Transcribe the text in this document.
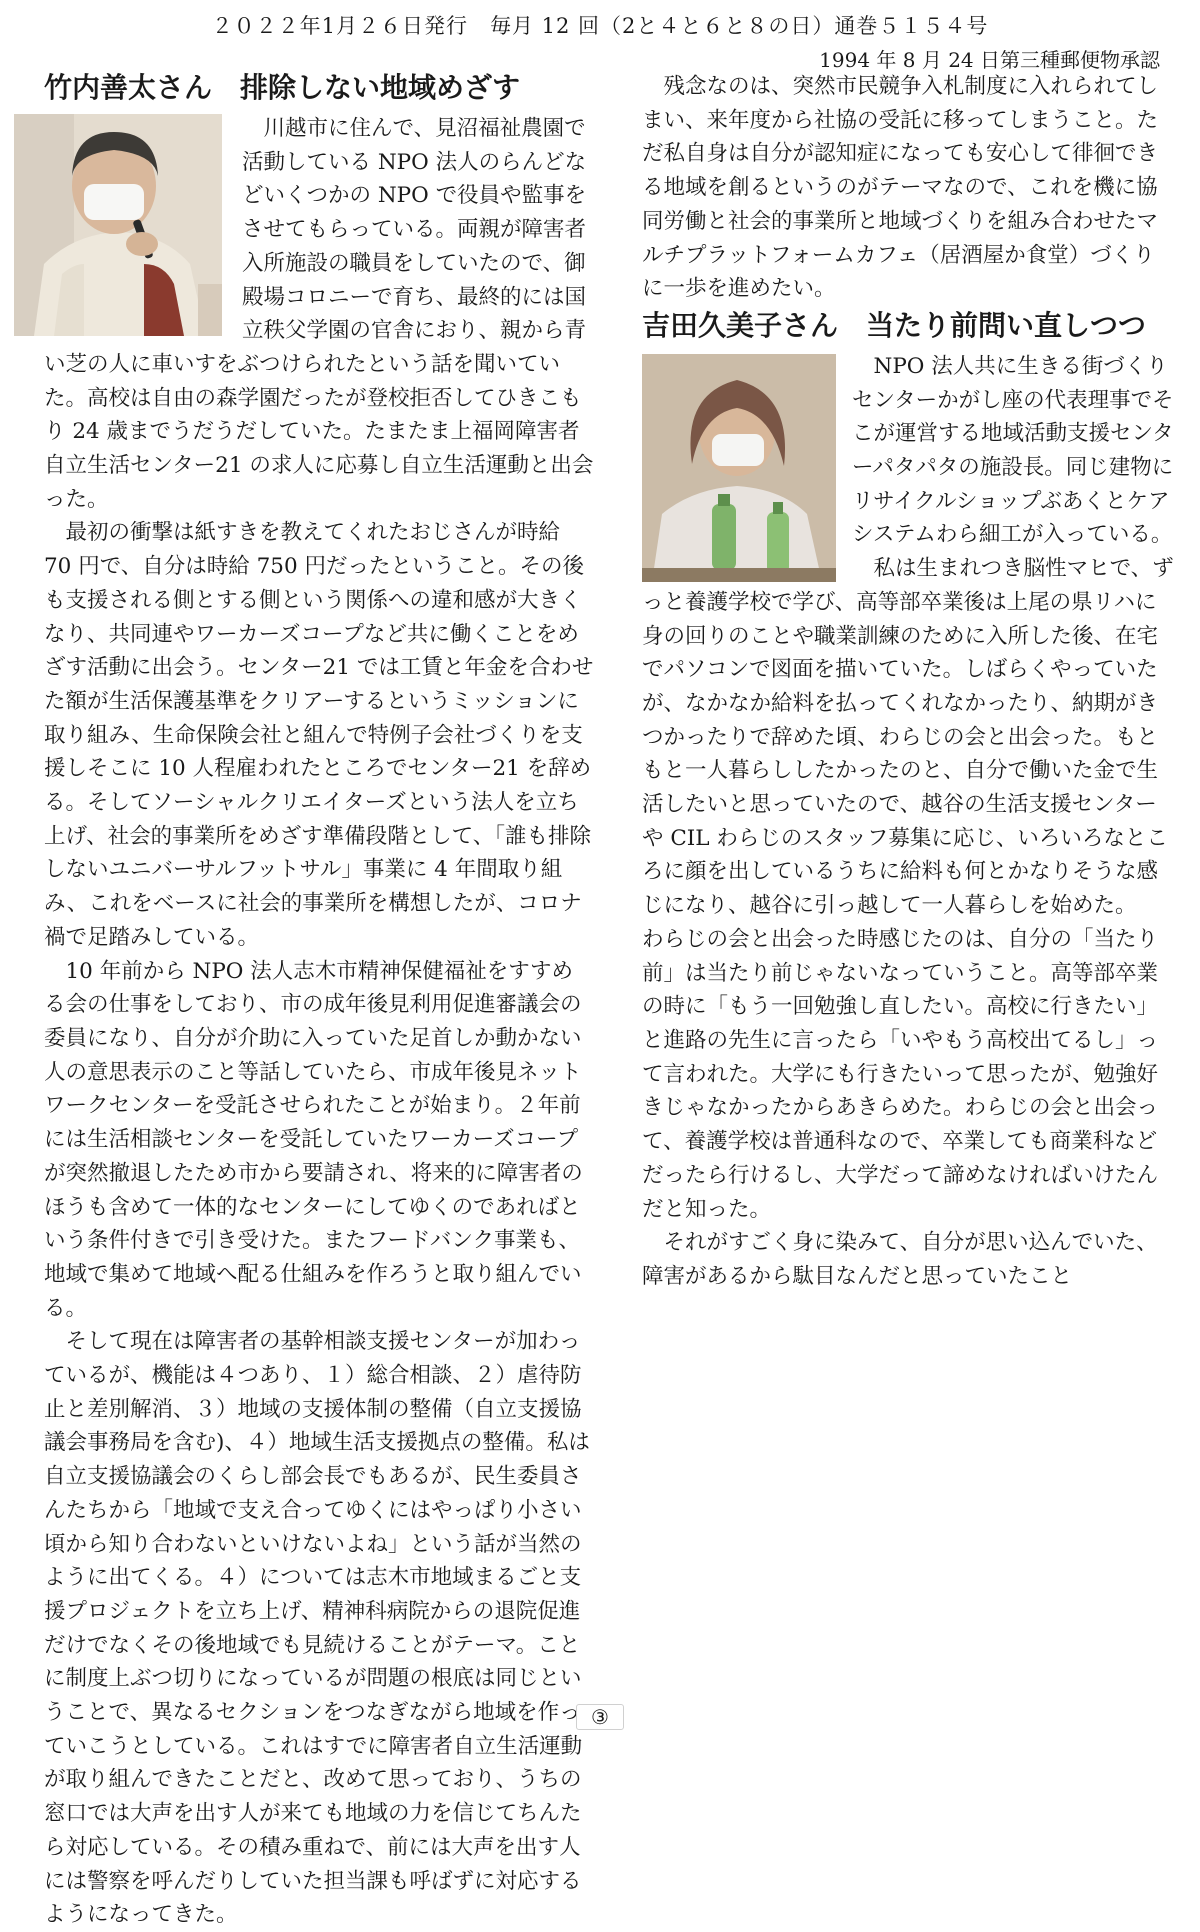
２０２２年1月２６日発行　毎月 12 回（2と４と６と８の日）通巻５１５４号
1994 年 8 月 24 日第三種郵便物承認
竹内善太さん　排除しない地域めざす

川越市に住んで、見沼福祉農園で活動している NPO 法人のらんどなどいくつかの NPO で役員や監事をさせてもらっている。両親が障害者入所施設の職員をしていたので、御殿場コロニーで育ち、最終的には国立秩父学園の官舎におり、親から青い芝の人に車いすをぶつけられたという話を聞いていた。高校は自由の森学園だったが登校拒否してひきこもり 24 歳までうだうだしていた。たまたま上福岡障害者自立生活センター21 の求人に応募し自立生活運動と出会った。

最初の衝撃は紙すきを教えてくれたおじさんが時給 70 円で、自分は時給 750 円だったということ。その後も支援される側とする側という関係への違和感が大きくなり、共同連やワーカーズコープなど共に働くことをめざす活動に出会う。センター21 では工賃と年金を合わせた額が生活保護基準をクリアーするというミッションに取り組み、生命保険会社と組んで特例子会社づくりを支援しそこに 10 人程雇われたところでセンター21 を辞める。そしてソーシャルクリエイターズという法人を立ち上げ、社会的事業所をめざす準備段階として、「誰も排除しないユニバーサルフットサル」事業に 4 年間取り組み、これをベースに社会的事業所を構想したが、コロナ禍で足踏みしている。

10 年前から NPO 法人志木市精神保健福祉をすすめる会の仕事をしており、市の成年後見利用促進審議会の委員になり、自分が介助に入っていた足首しか動かない人の意思表示のこと等話していたら、市成年後見ネットワークセンターを受託させられたことが始まり。２年前には生活相談センターを受託していたワーカーズコープが突然撤退したため市から要請され、将来的に障害者のほうも含めて一体的なセンターにしてゆくのであればという条件付きで引き受けた。またフードバンク事業も、地域で集めて地域へ配る仕組みを作ろうと取り組んでいる。

そして現在は障害者の基幹相談支援センターが加わっているが、機能は４つあり、１）総合相談、２）虐待防止と差別解消、３）地域の支援体制の整備（自立支援協議会事務局を含む)、４）地域生活支援拠点の整備。私は自立支援協議会のくらし部会長でもあるが、民生委員さんたちから「地域で支え合ってゆくにはやっぱり小さい頃から知り合わないといけないよね」という話が当然のように出てくる。４）については志木市地域まるごと支援プロジェクトを立ち上げ、精神科病院からの退院促進だけでなくその後地域でも見続けることがテーマ。ことに制度上ぶつ切りになっているが問題の根底は同じということで、異なるセクションをつなぎながら地域を作っていこうとしている。これはすでに障害者自立生活運動が取り組んできたことだと、改めて思っており、うちの窓口では大声を出す人が来ても地域の力を信じてちんたら対応している。その積み重ねで、前には大声を出す人には警察を呼んだりしていた担当課も呼ばずに対応するようになってきた。

残念なのは、突然市民競争入札制度に入れられてしまい、来年度から社協の受託に移ってしまうこと。ただ私自身は自分が認知症になっても安心して徘徊できる地域を創るというのがテーマなので、これを機に協同労働と社会的事業所と地域づくりを組み合わせたマルチプラットフォームカフェ（居酒屋か食堂）づくりに一歩を進めたい。

吉田久美子さん　当たり前問い直しつつ

NPO 法人共に生きる街づくりセンターかがし座の代表理事でそこが運営する地域活動支援センターパタパタの施設長。同じ建物にリサイクルショップぶあくとケアシステムわら細工が入っている。

私は生まれつき脳性マヒで、ずっと養護学校で学び、高等部卒業後は上尾の県リハに身の回りのことや職業訓練のために入所した後、在宅でパソコンで図面を描いていた。しばらくやっていたが、なかなか給料を払ってくれなかったり、納期がきつかったりで辞めた頃、わらじの会と出会った。もともと一人暮らししたかったのと、自分で働いた金で生活したいと思っていたので、越谷の生活支援センターや CIL わらじのスタッフ募集に応じ、いろいろなところに顔を出しているうちに給料も何とかなりそうな感じになり、越谷に引っ越して一人暮らしを始めた。

わらじの会と出会った時感じたのは、自分の「当たり前」は当たり前じゃないなっていうこと。高等部卒業の時に「もう一回勉強し直したい。高校に行きたい」と進路の先生に言ったら「いやもう高校出てるし」って言われた。大学にも行きたいって思ったが、勉強好きじゃなかったからあきらめた。わらじの会と出会って、養護学校は普通科なので、卒業しても商業科などだったら行けるし、大学だって諦めなければいけたんだと知った。

それがすごく身に染みて、自分が思い込んでいた、障害があるから駄目なんだと思っていたこと

③
